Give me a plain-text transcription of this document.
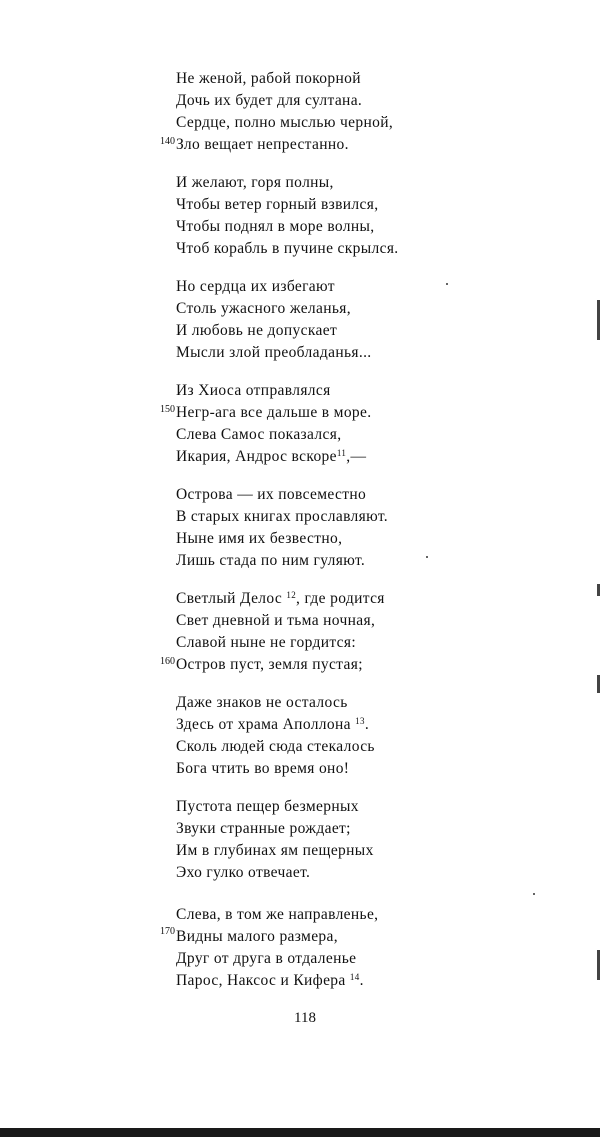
Не женой, рабой покорной
Дочь их будет для султана.
Сердце, полно мыслью черной,
140 Зло вещает непрестанно.
И желают, горя полны,
Чтобы ветер горный взвился,
Чтобы поднял в море волны,
Чтоб корабль в пучине скрылся.
Но сердца их избегают
Столь ужасного желанья,
И любовь не допускает
Мысли злой преобладанья...
Из Хиоса отправлялся
150 Негр-ага все дальше в море.
Слева Самос показался,
Икария, Андрос вскоре$^{11}$,—
Острова — их повсеместно
В старых книгах прославляют.
Ныне имя их безвестно,
Лишь стада по ним гуляют.
Светлый Делос $^{12}$, где родится
Свет дневной и тьма ночная,
Славой ныне не гордится:
160 Остров пуст, земля пустая;
Даже знаков не осталось
Здесь от храма Аполлона $^{13}$.
Сколь людей сюда стекалось
Бога чтить во время оно!
Пустота пещер безмерных
Звуки странные рождает;
Им в глубинах ям пещерных
Эхо гулко отвечает.
Слева, в том же направленье,
170 Видны малого размера,
Друг от друга в отдаленье
Парос, Наксос и Кифера $^{14}$.
118
